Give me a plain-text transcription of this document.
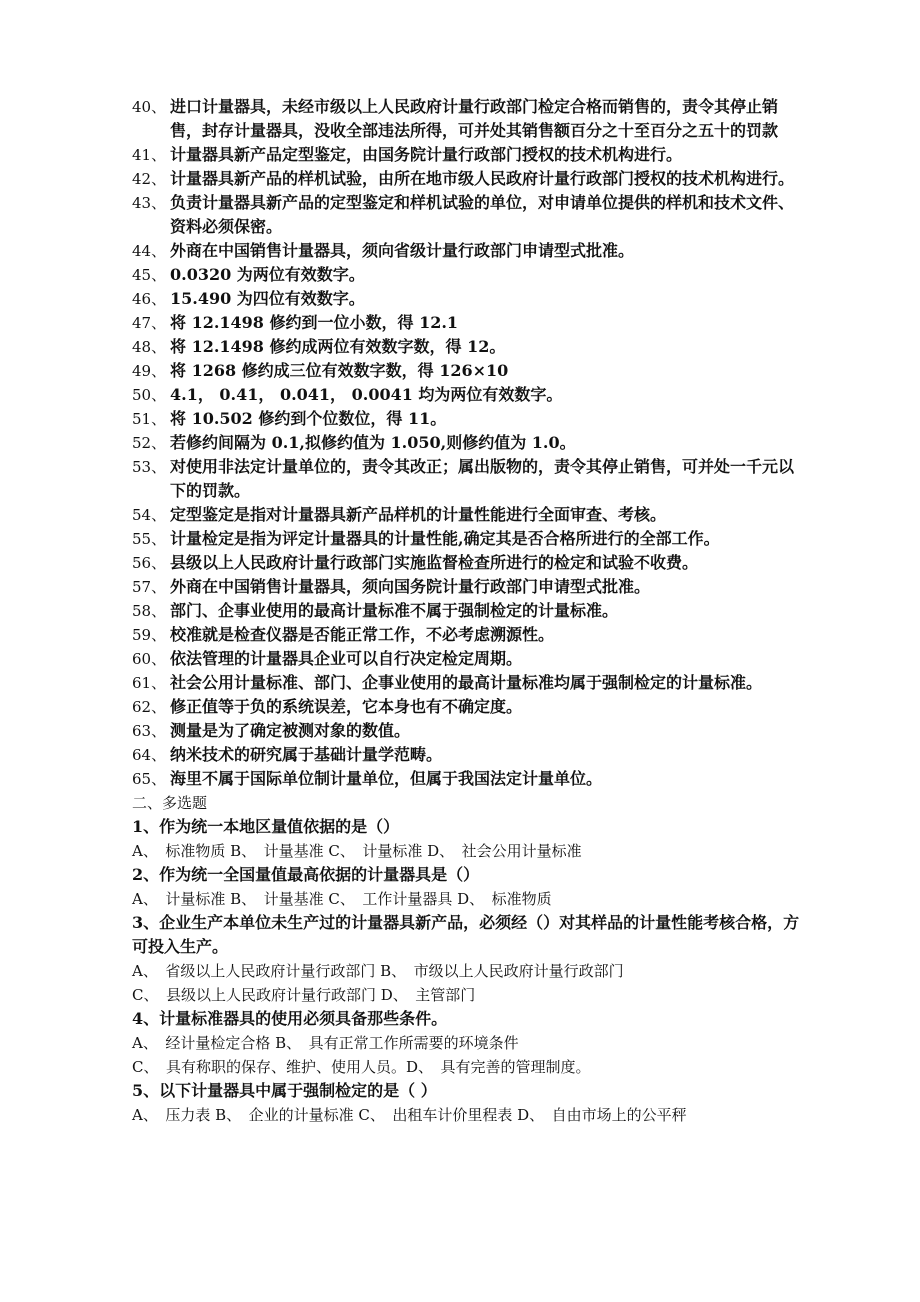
40、 进口计量器具，未经市级以上人民政府计量行政部门检定合格而销售的，责令其停止销售，封存计量器具，没收全部违法所得，可并处其销售额百分之十至百分之五十的罚款
41、 计量器具新产品定型鉴定，由国务院计量行政部门授权的技术机构进行。
42、 计量器具新产品的样机试验，由所在地市级人民政府计量行政部门授权的技术机构进行。
43、 负责计量器具新产品的定型鉴定和样机试验的单位，对申请单位提供的样机和技术文件、资料必须保密。
44、 外商在中国销售计量器具，须向省级计量行政部门申请型式批准。
45、 0.0320 为两位有效数字。
46、 15.490 为四位有效数字。
47、 将 12.1498 修约到一位小数，得 12.1
48、 将 12.1498 修约成两位有效数字数，得 12。
49、 将 1268 修约成三位有效数字数，得 126×10
50、 4.1， 0.41， 0.041， 0.0041 均为两位有效数字。
51、 将 10.502 修约到个位数位，得 11。
52、 若修约间隔为 0.1,拟修约值为 1.050,则修约值为 1.0。
53、 对使用非法定计量单位的，责令其改正；属出版物的，责令其停止销售，可并处一千元以下的罚款。
54、 定型鉴定是指对计量器具新产品样机的计量性能进行全面审查、考核。
55、 计量检定是指为评定计量器具的计量性能,确定其是否合格所进行的全部工作。
56、 县级以上人民政府计量行政部门实施监督检查所进行的检定和试验不收费。
57、 外商在中国销售计量器具，须向国务院计量行政部门申请型式批准。
58、 部门、企事业使用的最高计量标准不属于强制检定的计量标准。
59、 校准就是检查仪器是否能正常工作，不必考虑溯源性。
60、 依法管理的计量器具企业可以自行决定检定周期。
61、 社会公用计量标准、部门、企事业使用的最高计量标准均属于强制检定的计量标准。
62、 修正值等于负的系统误差，它本身也有不确定度。
63、 测量是为了确定被测对象的数值。
64、 纳米技术的研究属于基础计量学范畴。
65、 海里不属于国际单位制计量单位，但属于我国法定计量单位。
二、多选题
1、作为统一本地区量值依据的是（）
A、　标准物质 B、　计量基准 C、　计量标准 D、　社会公用计量标准
2、作为统一全国量值最高依据的计量器具是（）
A、　计量标准 B、　计量基准 C、　工作计量器具 D、　标准物质
3、企业生产本单位未生产过的计量器具新产品，必须经（）对其样品的计量性能考核合格，方可投入生产。
A、　省级以上人民政府计量行政部门 B、　市级以上人民政府计量行政部门
C、　县级以上人民政府计量行政部门 D、　主管部门
4、计量标准器具的使用必须具备那些条件。
A、　经计量检定合格 B、　具有正常工作所需要的环境条件
C、　具有称职的保存、维护、使用人员。D、　具有完善的管理制度。
5、以下计量器具中属于强制检定的是（ ）
A、　压力表 B、　企业的计量标准 C、　出租车计价里程表 D、　自由市场上的公平秤
